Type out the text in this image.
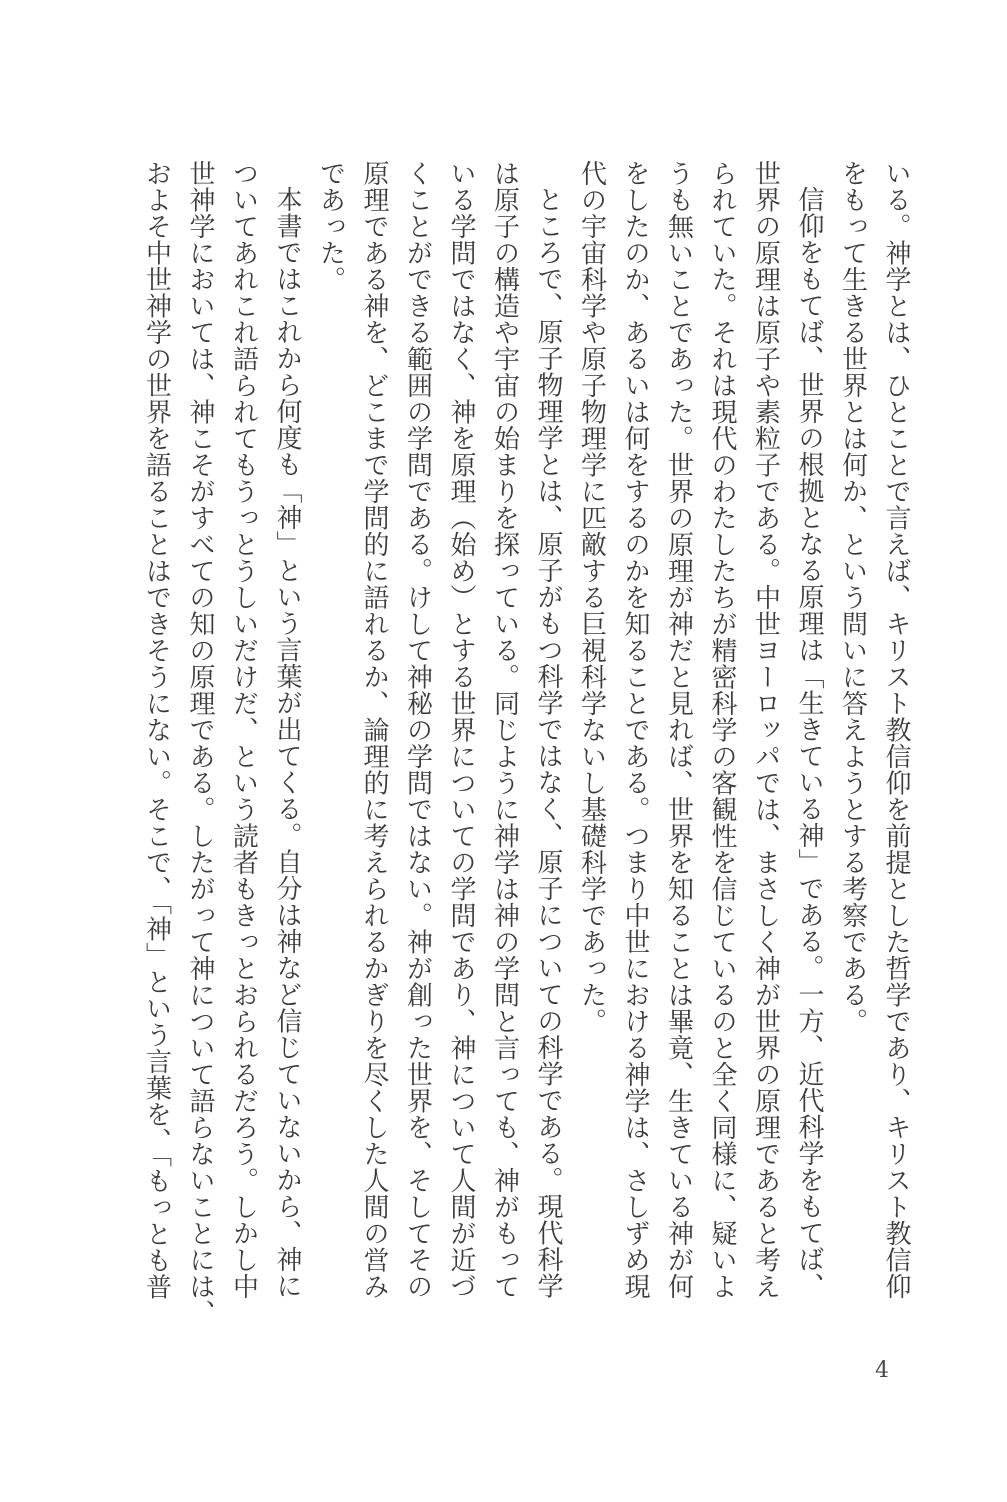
いる。神学とは、ひとことで言えば、キリスト教信仰を前提とした哲学であり、キリスト教信仰

をもって生きる世界とは何か、という問いに答えようとする考察である。

信仰をもてば、世界の根拠となる原理は「生きている神」である。一方、近代科学をもてば、

世界の原理は原子や素粒子である。中世ヨーロッパでは、まさしく神が世界の原理であると考え

られていた。それは現代のわたしたちが精密科学の客観性を信じているのと全く同様に、疑いよ

うも無いことであった。世界の原理が神だと見れば、世界を知ることは畢竟、生きている神が何

をしたのか、あるいは何をするのかを知ることである。つまり中世における神学は、さしずめ現

代の宇宙科学や原子物理学に匹敵する巨視科学ないし基礎科学であった。

ところで、原子物理学とは、原子がもつ科学ではなく、原子についての科学である。現代科学

は原子の構造や宇宙の始まりを探っている。同じように神学は神の学問と言っても、神がもって

いる学問ではなく、神を原理（始め）とする世界についての学問であり、神について人間が近づ

くことができる範囲の学問である。けして神秘の学問ではない。神が創った世界を、そしてその

原理である神を、どこまで学問的に語れるか、論理的に考えられるかぎりを尽くした人間の営み

であった。

本書ではこれから何度も「神」という言葉が出てくる。自分は神など信じていないから、神に

ついてあれこれ語られてもうっとうしいだけだ、という読者もきっとおられるだろう。しかし中

世神学においては、神こそがすべての知の原理である。したがって神について語らないことには、

およそ中世神学の世界を語ることはできそうにない。そこで、「神」という言葉を、「もっとも普

4
